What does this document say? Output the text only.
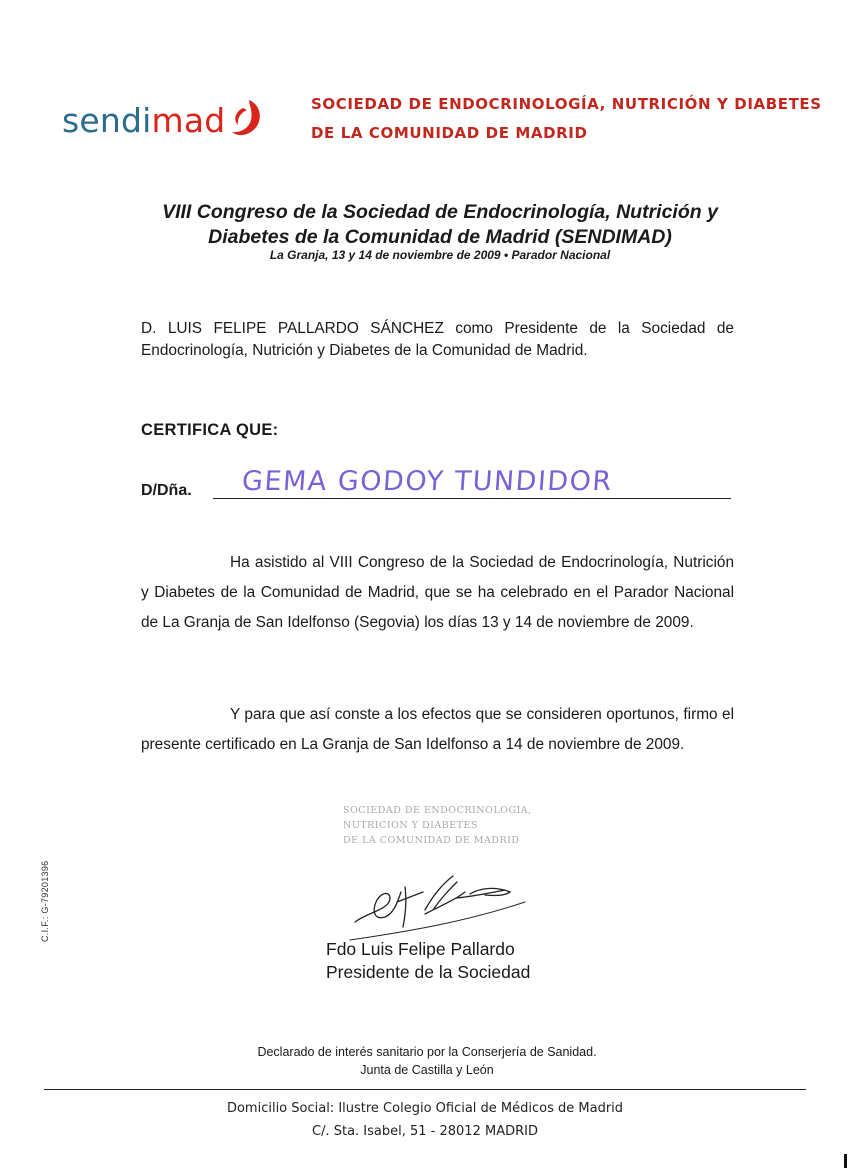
sendimad	SOCIEDAD DE ENDOCRINOLOGÍA, NUTRICIÓN Y DIABETES
DE LA COMUNIDAD DE MADRID
VIII Congreso de la Sociedad de Endocrinología, Nutrición y
Diabetes de la Comunidad de Madrid (SENDIMAD)
La Granja, 13 y 14 de noviembre de 2009 • Parador Nacional
D. LUIS FELIPE PALLARDO SÁNCHEZ como Presidente de la Sociedad de Endocrinología, Nutrición y Diabetes de la Comunidad de Madrid.
CERTIFICA QUE:
D/Dña. GEMA GODOY TUNDIDOR
Ha asistido al VIII Congreso de la Sociedad de Endocrinología, Nutrición y Diabetes de la Comunidad de Madrid, que se ha celebrado en el Parador Nacional de La Granja de San Idelfonso (Segovia) los días 13 y 14 de noviembre de 2009.
Y para que así conste a los efectos que se consideren oportunos, firmo el presente certificado en La Granja de San Idelfonso a 14 de noviembre de 2009.
SOCIEDAD DE ENDOCRINOLOGIA,
NUTRICION Y DIABETES
DE LA COMUNIDAD DE MADRID
Fdo Luis Felipe Pallardo
Presidente de la Sociedad
C.I.F.: G-79201396
Declarado de interés sanitario por la Conserjería de Sanidad.
Junta de Castilla y León
Domicilio Social: Ilustre Colegio Oficial de Médicos de Madrid
C/. Sta. Isabel, 51 - 28012 MADRID
